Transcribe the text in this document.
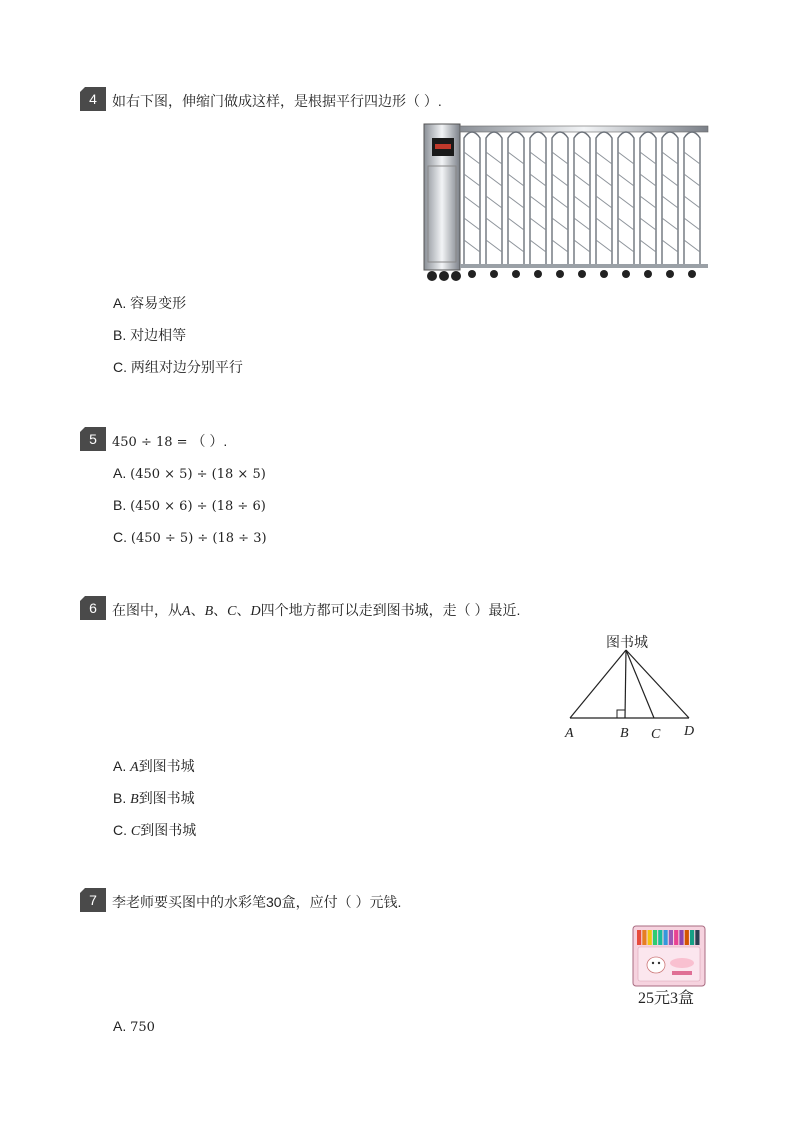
4 如右下图，伸缩门做成这样，是根据平行四边形（ ）.
A. 容易变形
B. 对边相等
C. 两组对边分别平行
5 450 ÷ 18 = （ ）.
A. (450 × 5) ÷ (18 × 5)
B. (450 × 6) ÷ (18 ÷ 6)
C. (450 ÷ 5) ÷ (18 ÷ 3)
6 在图中，从A、B、C、D四个地方都可以走到图书城，走（ ）最近.
图书城
A	B C D
A. A到图书城
B. B到图书城
C. C到图书城
7 李老师要买图中的水彩笔30盒，应付（ ）元钱.
25元3盒
A. 750
